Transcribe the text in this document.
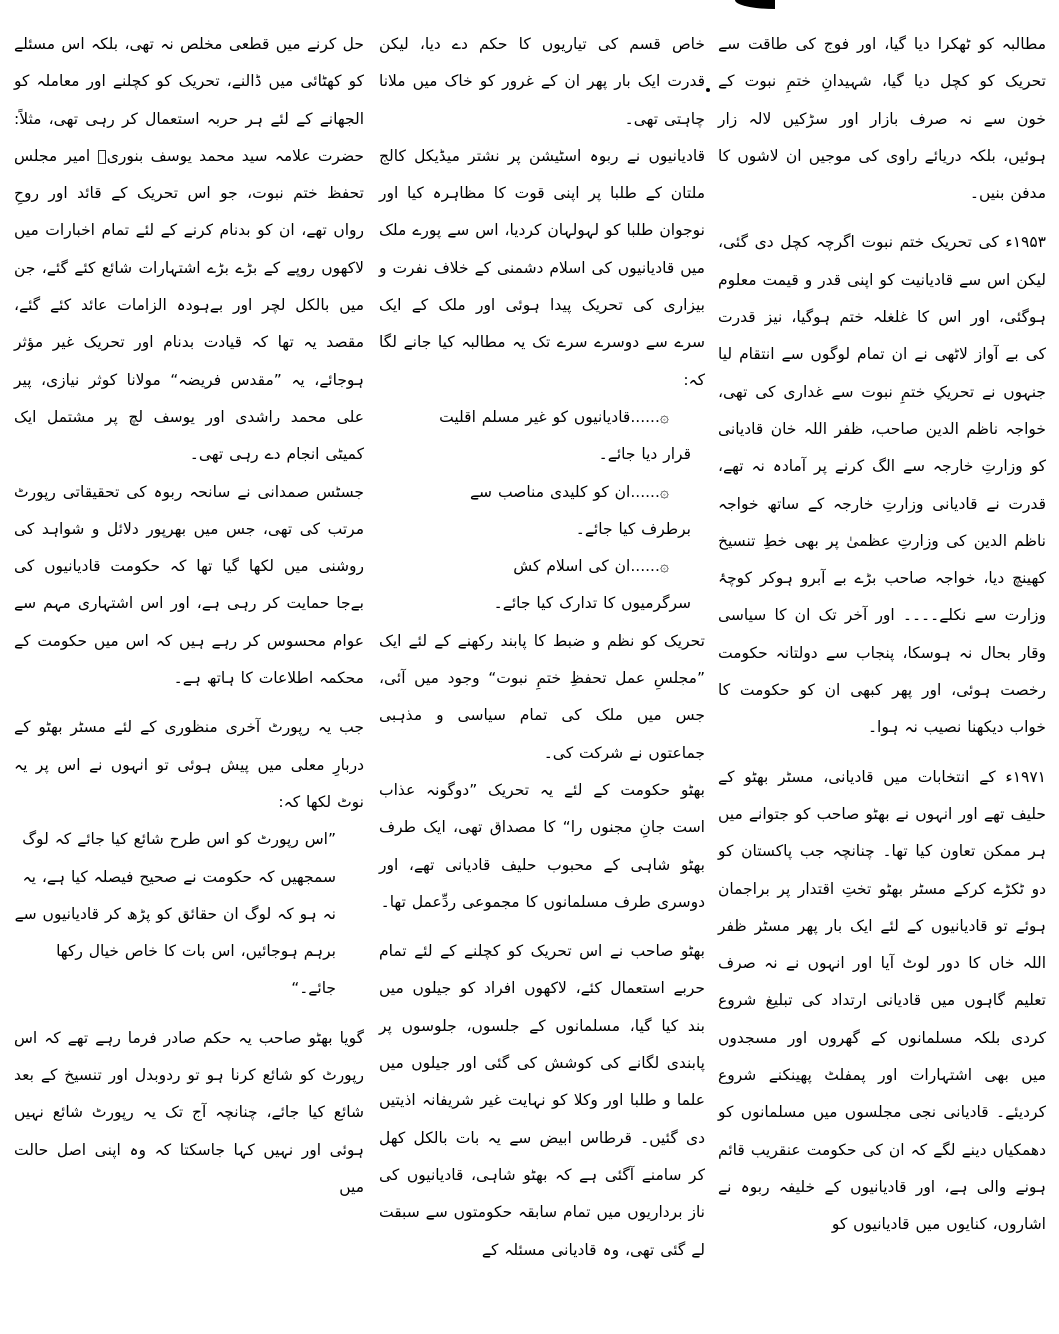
مطالبہ کو ٹھکرا دیا گیا، اور فوج کی طاقت سے تحریک کو کچل دیا گیا، شہیدانِ ختمِ نبوت کے خون سے نہ صرف بازار اور سڑکیں لالہ زار ہوئیں، بلکہ دریائے راوی کی موجیں ان لاشوں کا مدفن بنیں۔

۱۹۵۳ء کی تحریک ختم نبوت اگرچہ کچل دی گئی، لیکن اس سے قادیانیت کو اپنی قدر و قیمت معلوم ہوگئی، اور اس کا غلغلہ ختم ہوگیا، نیز قدرت کی بے آواز لاٹھی نے ان تمام لوگوں سے انتقام لیا جنہوں نے تحریکِ ختمِ نبوت سے غداری کی تھی، خواجہ ناظم الدین صاحب، ظفر اللہ خان قادیانی کو وزارتِ خارجہ سے الگ کرنے پر آمادہ نہ تھے، قدرت نے قادیانی وزارتِ خارجہ کے ساتھ خواجہ ناظم الدین کی وزارتِ عظمیٰ پر بھی خطِ تنسیخ کھینچ دیا، خواجہ صاحب بڑے بے آبرو ہوکر کوچۂ وزارت سے نکلے۔۔۔۔ اور آخر تک ان کا سیاسی وقار بحال نہ ہوسکا، پنجاب سے دولتانہ حکومت رخصت ہوئی، اور پھر کبھی ان کو حکومت کا خواب دیکھنا نصیب نہ ہوا۔

۱۹۷۱ء کے انتخابات میں قادیانی، مسٹر بھٹو کے حلیف تھے اور انہوں نے بھٹو صاحب کو جتوانے میں ہر ممکن تعاون کیا تھا۔ چنانچہ جب پاکستان کو دو ٹکڑے کرکے مسٹر بھٹو تختِ اقتدار پر براجمان ہوئے تو قادیانیوں کے لئے ایک بار پھر مسٹر ظفر اللہ خاں کا دور لوٹ آیا اور انہوں نے نہ صرف تعلیم گاہوں میں قادیانی ارتداد کی تبلیغ شروع کردی بلکہ مسلمانوں کے گھروں اور مسجدوں میں بھی اشتہارات اور پمفلٹ پھینکنے شروع کردیئے۔ قادیانی نجی مجلسوں میں مسلمانوں کو دھمکیاں دینے لگے کہ ان کی حکومت عنقریب قائم ہونے والی ہے، اور قادیانیوں کے خلیفہ ربوہ نے اشاروں، کنایوں میں قادیانیوں کو

خاص قسم کی تیاریوں کا حکم دے دیا، لیکن قدرت ایک بار پھر ان کے غرور کو خاک میں ملانا چاہتی تھی۔

قادیانیوں نے ربوہ اسٹیشن پر نشتر میڈیکل کالج ملتان کے طلبا پر اپنی قوت کا مظاہرہ کیا اور نوجوان طلبا کو لہولہان کردیا، اس سے پورے ملک میں قادیانیوں کی اسلام دشمنی کے خلاف نفرت و بیزاری کی تحریک پیدا ہوئی اور ملک کے ایک سرے سے دوسرے سرے تک یہ مطالبہ کیا جانے لگا کہ:

۞......قادیانیوں کو غیر مسلم اقلیت

قرار دیا جائے۔

۞......ان کو کلیدی مناصب سے

برطرف کیا جائے۔

۞......ان کی اسلام کش

سرگرمیوں کا تدارک کیا جائے۔

تحریک کو نظم و ضبط کا پابند رکھنے کے لئے ایک ”مجلسِ عمل تحفظِ ختمِ نبوت“ وجود میں آئی، جس میں ملک کی تمام سیاسی و مذہبی جماعتوں نے شرکت کی۔

بھٹو حکومت کے لئے یہ تحریک ”دوگونہ عذاب است جانِ مجنوں را“ کا مصداق تھی، ایک طرف بھٹو شاہی کے محبوب حلیف قادیانی تھے، اور دوسری طرف مسلمانوں کا مجموعی ردِّعمل تھا۔

بھٹو صاحب نے اس تحریک کو کچلنے کے لئے تمام حربے استعمال کئے، لاکھوں افراد کو جیلوں میں بند کیا گیا، مسلمانوں کے جلسوں، جلوسوں پر پابندی لگانے کی کوشش کی گئی اور جیلوں میں علما و طلبا اور وکلا کو نہایت غیر شریفانہ اذیتیں دی گئیں۔ قرطاس ابیض سے یہ بات بالکل کھل کر سامنے آگئی ہے کہ بھٹو شاہی، قادیانیوں کی ناز برداریوں میں تمام سابقہ حکومتوں سے سبقت لے گئی تھی، وہ قادیانی مسئلہ کے

حل کرنے میں قطعی مخلص نہ تھی، بلکہ اس مسئلے کو کھٹائی میں ڈالنے، تحریک کو کچلنے اور معاملہ کو الجھانے کے لئے ہر حربہ استعمال کر رہی تھی، مثلاً: حضرت علامہ سید محمد یوسف بنوریؒ امیر مجلس تحفظ ختم نبوت، جو اس تحریک کے قائد اور روحِ رواں تھے، ان کو بدنام کرنے کے لئے تمام اخبارات میں لاکھوں روپے کے بڑے بڑے اشتہارات شائع کئے گئے، جن میں بالکل لچر اور بےہودہ الزامات عائد کئے گئے، مقصد یہ تھا کہ قیادت بدنام اور تحریک غیر مؤثر ہوجائے، یہ ”مقدس فریضہ“ مولانا کوثر نیازی، پیر علی محمد راشدی اور یوسف لچ پر مشتمل ایک کمیٹی انجام دے رہی تھی۔

جسٹس صمدانی نے سانحہ ربوہ کی تحقیقاتی رپورٹ مرتب کی تھی، جس میں بھرپور دلائل و شواہد کی روشنی میں لکھا گیا تھا کہ حکومت قادیانیوں کی بےجا حمایت کر رہی ہے، اور اس اشتہاری مہم سے عوام محسوس کر رہے ہیں کہ اس میں حکومت کے محکمہ اطلاعات کا ہاتھ ہے۔

جب یہ رپورٹ آخری منظوری کے لئے مسٹر بھٹو کے دربارِ معلی میں پیش ہوئی تو انہوں نے اس پر یہ نوٹ لکھا کہ:

”اس رپورٹ کو اس طرح شائع کیا جائے کہ لوگ سمجھیں کہ حکومت نے صحیح فیصلہ کیا ہے، یہ نہ ہو کہ لوگ ان حقائق کو پڑھ کر قادیانیوں سے برہم ہوجائیں، اس بات کا خاص خیال رکھا جائے۔“

گویا بھٹو صاحب یہ حکم صادر فرما رہے تھے کہ اس رپورٹ کو شائع کرنا ہو تو ردوبدل اور تنسیخ کے بعد شائع کیا جائے، چنانچہ آج تک یہ رپورٹ شائع نہیں ہوئی اور نہیں کہا جاسکتا کہ وہ اپنی اصل حالت میں
